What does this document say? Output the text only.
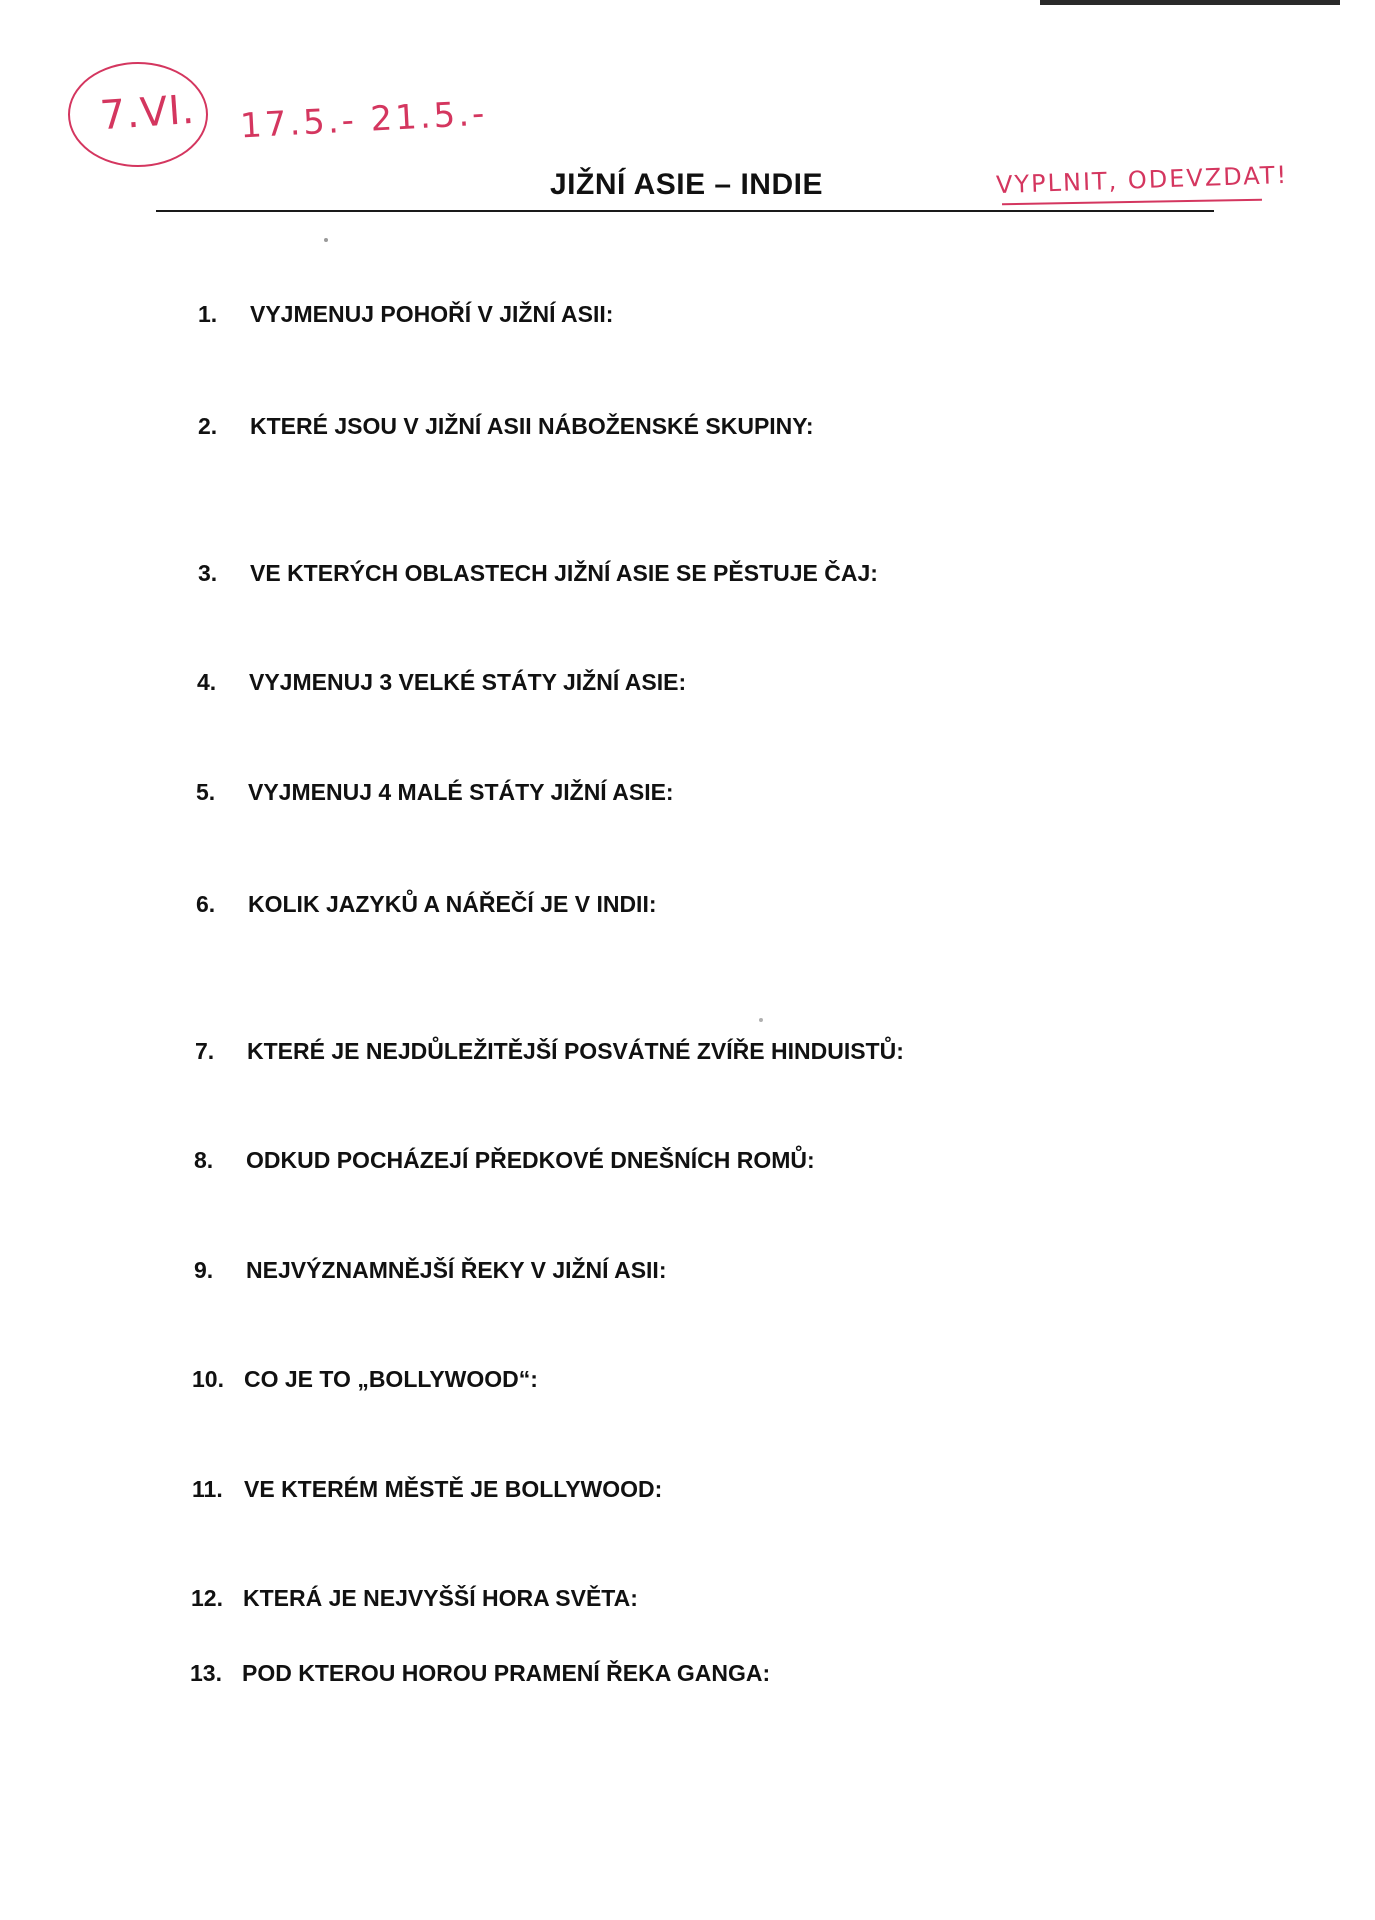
7.VI. 17.5.- 21.5.-
VYPLNIT, ODEVZDAT!
JIŽNÍ ASIE – INDIE
1.	VYJMENUJ POHOŘÍ V JIŽNÍ ASII:
2.	KTERÉ JSOU V JIŽNÍ ASII NÁBOŽENSKÉ SKUPINY:
3.	VE KTERÝCH OBLASTECH JIŽNÍ ASIE SE PĚSTUJE ČAJ:
4.	VYJMENUJ 3 VELKÉ STÁTY JIŽNÍ ASIE:
5.	VYJMENUJ 4 MALÉ STÁTY JIŽNÍ ASIE:
6.	KOLIK JAZYKŮ A NÁŘEČÍ JE V INDII:
7.	KTERÉ JE NEJDŮLEŽITĚJŠÍ POSVÁTNÉ ZVÍŘE HINDUISTŮ:
8.	ODKUD POCHÁZEJÍ PŘEDKOVÉ DNEŠNÍCH ROMŮ:
9.	NEJVÝZNAMNĚJŠÍ ŘEKY V JIŽNÍ ASII:
10. CO JE TO „BOLLYWOOD“:
11. VE KTERÉM MĚSTĚ JE BOLLYWOOD:
12. KTERÁ JE NEJVYŠŠÍ HORA SVĚTA:
13. POD KTEROU HOROU PRAMENÍ ŘEKA GANGA:
